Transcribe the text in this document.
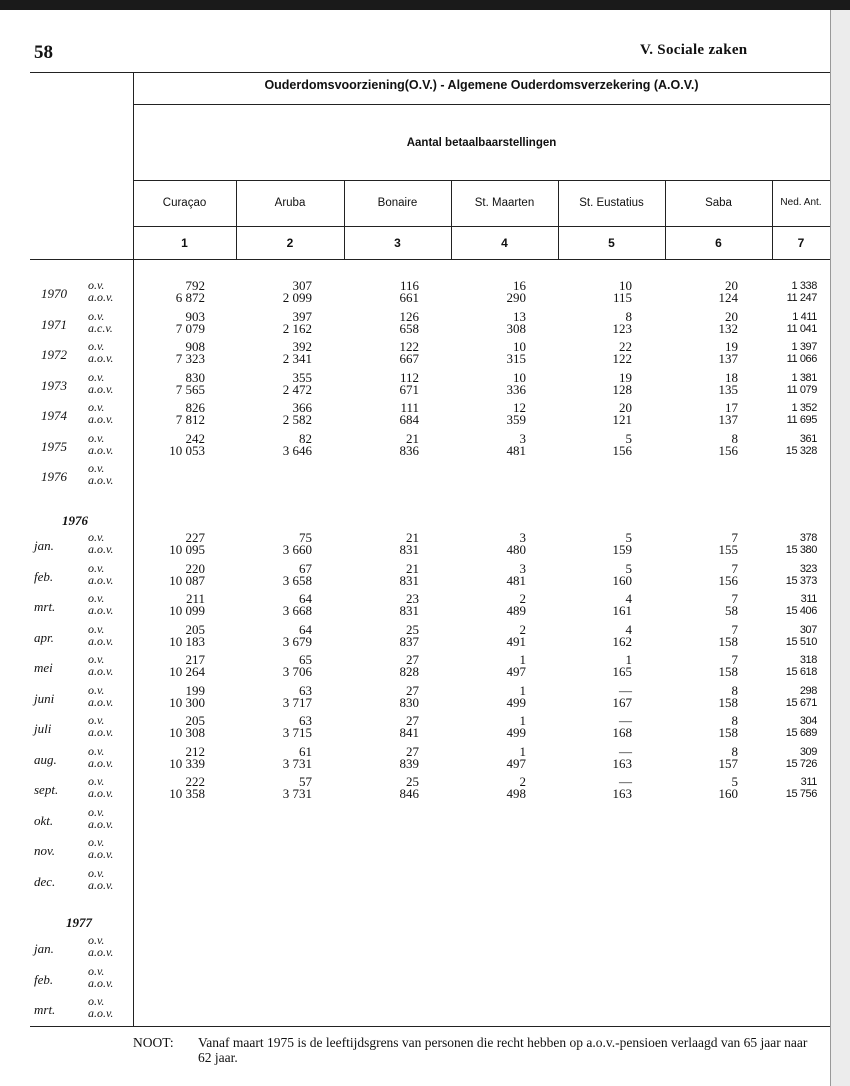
58	V. Sociale zaken
Ouderdomsvoorziening(O.V.) - Algemene Ouderdomsverzekering (A.O.V.)
Aantal betaalbaarstellingen
Curaçao	Aruba	Bonaire	St. Maarten	St. Eustatius	Saba	Ned. Ant.
1	2	3	4	5	6	7
1976
1977
NOOT: Vanaf maart 1975 is de leeftijdsgrens van personen die recht hebben op a.o.v.-pensioen verlaagd van 65 jaar naar 62 jaar.
1970
o.v.	792	307	116	16	10	20	1 338
a.o.v.	6 872	2 099	661	290	115	124	11 247
1971
o.v.	903	397	126	13	8	20	1 411
a.c.v.	7 079	2 162	658	308	123	132	11 041
1972
o.v.	908	392	122	10	22	19	1 397
a.o.v.	7 323	2 341	667	315	122	137	11 066
1973
o.v.	830	355	112	10	19	18	1 381
a.o.v.	7 565	2 472	671	336	128	135	11 079
1974
o.v.	826	366	111	12	20	17	1 352
a.o.v.	7 812	2 582	684	359	121	137	11 695
1975
o.v.	242	82	21	3	5	8	361
a.o.v.	10 053	3 646	836	481	156	156	15 328
1976
o.v.
a.o.v.
jan.
o.v.	227	75	21	3	5	7	378
a.o.v.	10 095	3 660	831	480	159	155	15 380
feb.
o.v.	220	67	21	3	5	7	323
a.o.v.	10 087	3 658	831	481	160	156	15 373
mrt.
o.v.	211	64	23	2	4	7	311
a.o.v.	10 099	3 668	831	489	161	58	15 406
apr.
o.v.	205	64	25	2	4	7	307
a.o.v.	10 183	3 679	837	491	162	158	15 510
mei
o.v.	217	65	27	1	1	7	318
a.o.v.	10 264	3 706	828	497	165	158	15 618
juni
o.v.	199	63	27	1	—	8	298
a.o.v.	10 300	3 717	830	499	167	158	15 671
juli
o.v.	205	63	27	1	—	8	304
a.o.v.	10 308	3 715	841	499	168	158	15 689
aug.
o.v.	212	61	27	1	—	8	309
a.o.v.	10 339	3 731	839	497	163	157	15 726
sept.
o.v.	222	57	25	2	—	5	311
a.o.v.	10 358	3 731	846	498	163	160	15 756
okt.
o.v.
a.o.v.
nov.
o.v.
a.o.v.
dec.
o.v.
a.o.v.
jan.
o.v.
a.o.v.
feb.
o.v.
a.o.v.
mrt.
o.v.
a.o.v.
